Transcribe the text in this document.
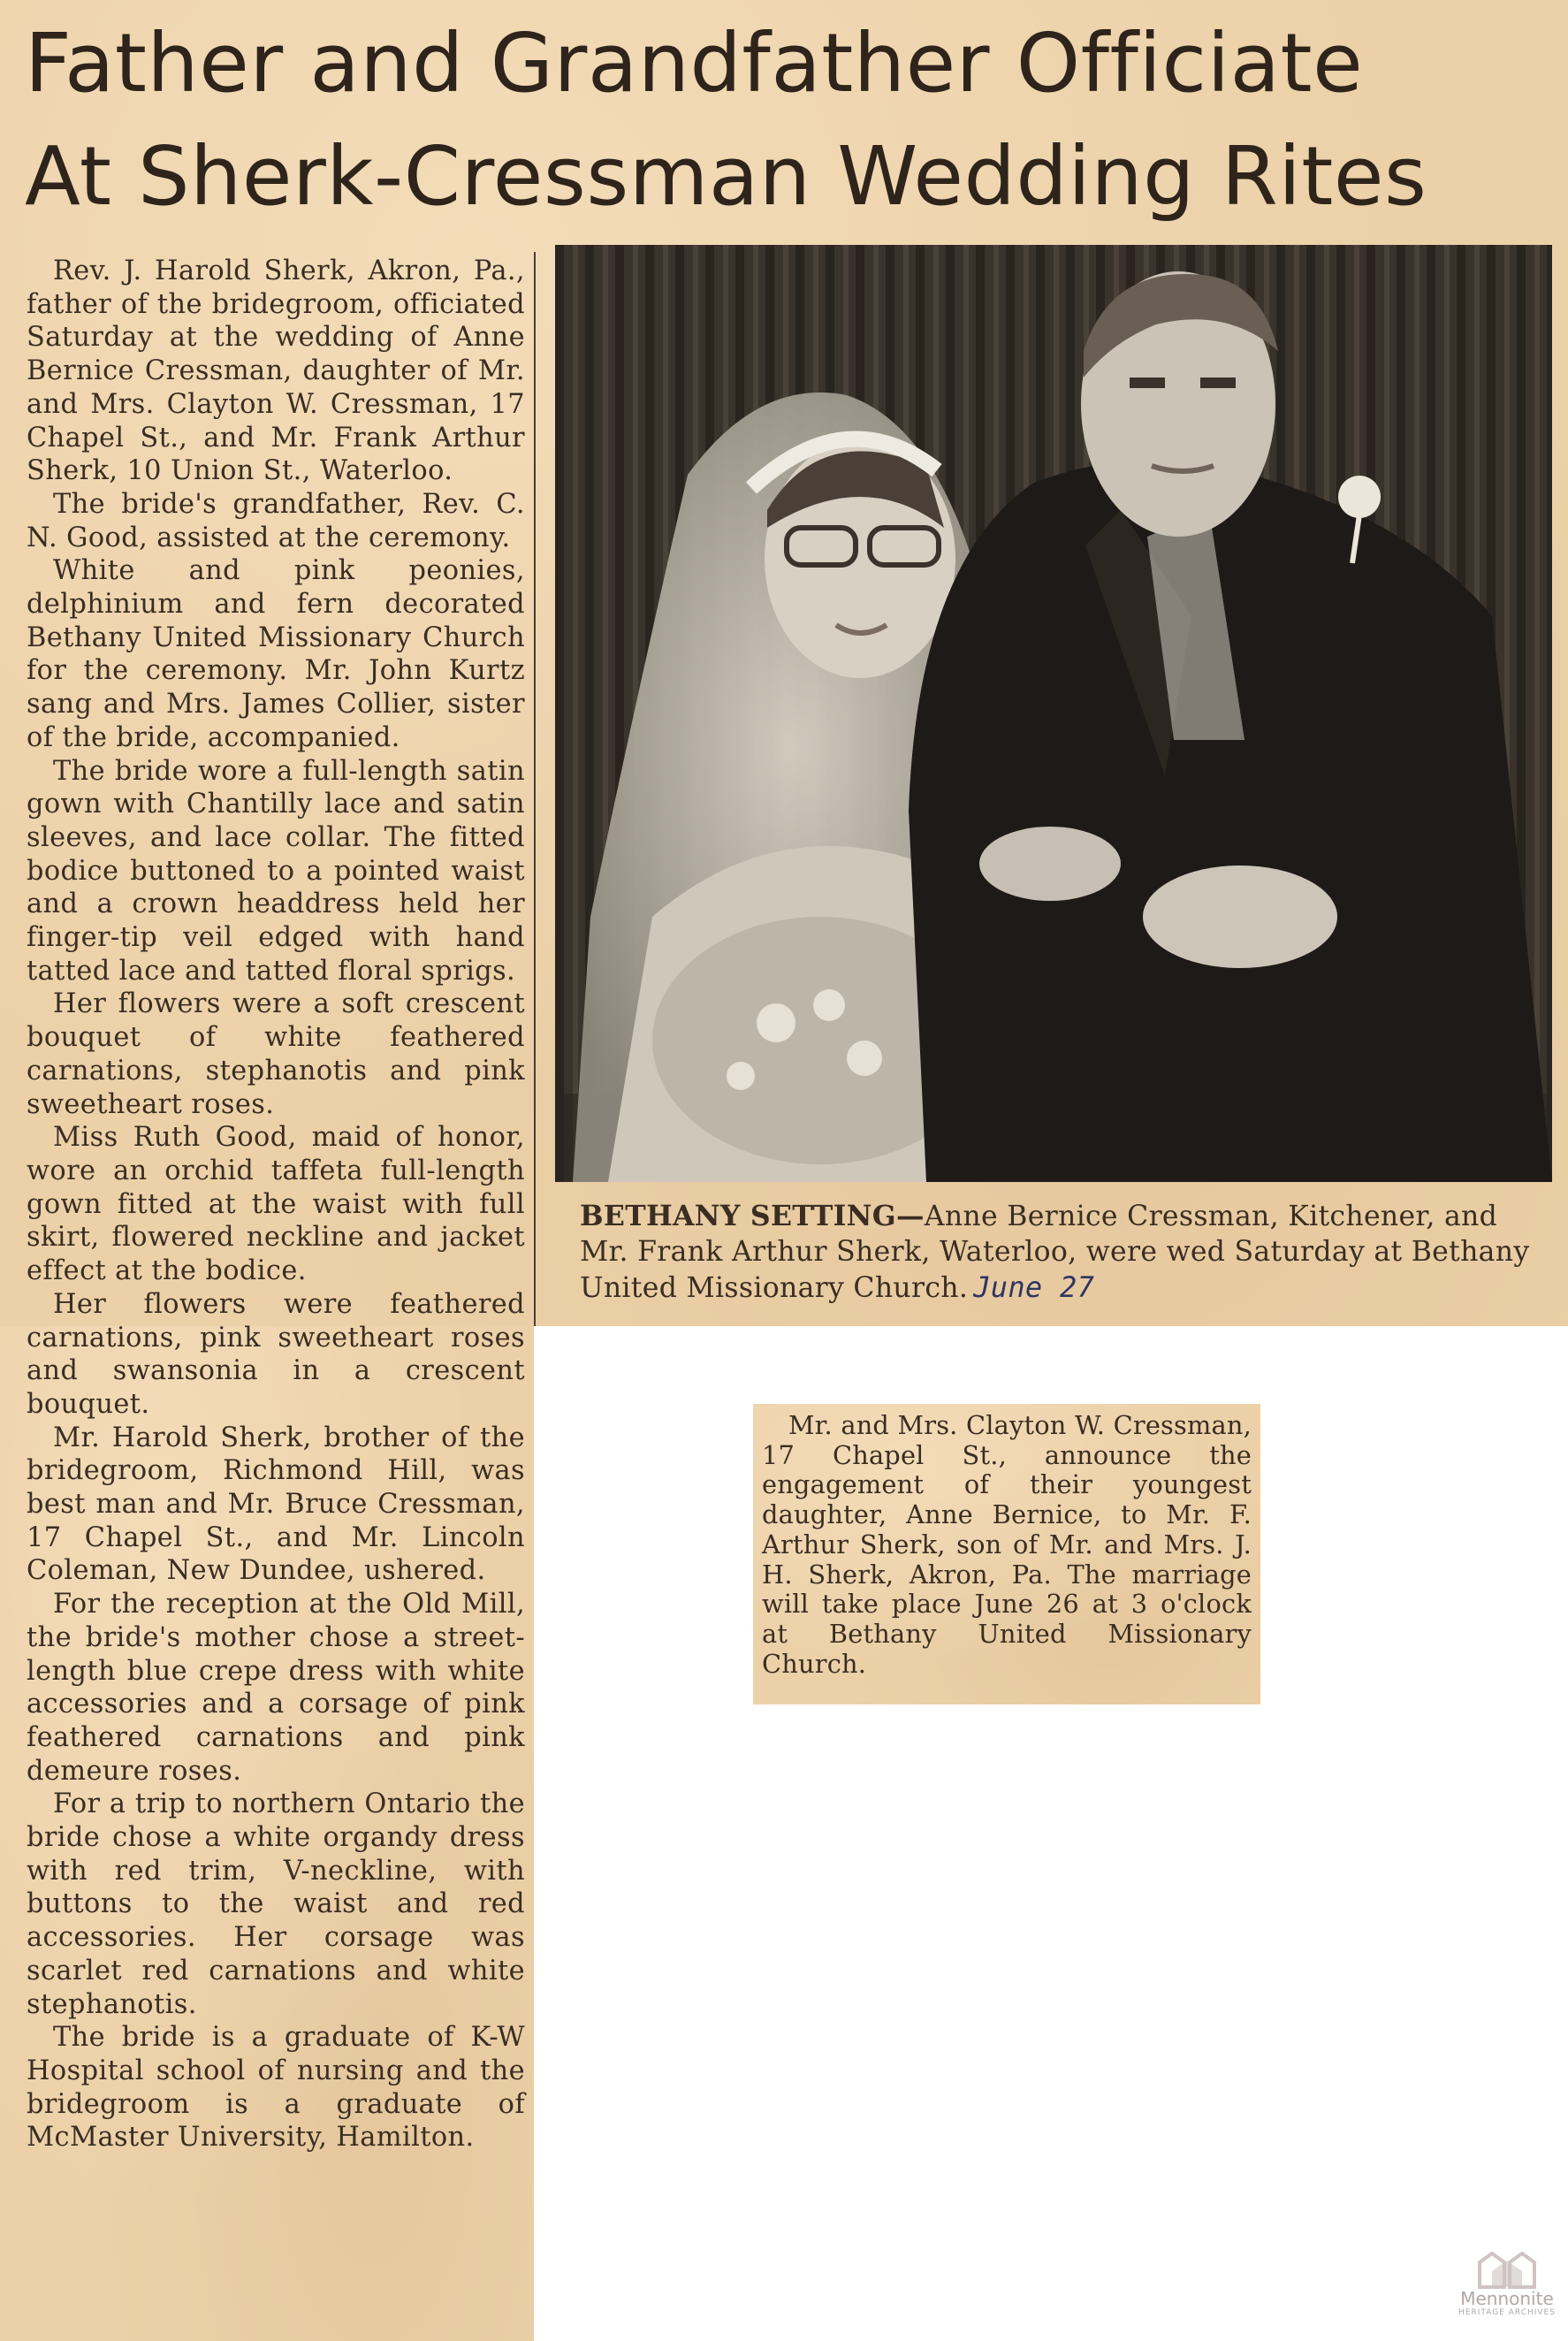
Father and Grandfather Officiate
At Sherk-Cressman Wedding Rites

Rev. J. Harold Sherk, Akron, Pa., father of the bridegroom, officiated Saturday at the wedding of Anne Bernice Cressman, daughter of Mr. and Mrs. Clayton W. Cressman, 17 Chapel St., and Mr. Frank Arthur Sherk, 10 Union St., Waterloo.

The bride's grandfather, Rev. C. N. Good, assisted at the ceremony.

White and pink peonies, delphinium and fern decorated Bethany United Missionary Church for the ceremony. Mr. John Kurtz sang and Mrs. James Collier, sister of the bride, accompanied.

The bride wore a full-length satin gown with Chantilly lace and satin sleeves, and lace collar. The fitted bodice buttoned to a pointed waist and a crown headdress held her finger-tip veil edged with hand tatted lace and tatted floral sprigs.

Her flowers were a soft crescent bouquet of white feathered carnations, stephanotis and pink sweetheart roses.

Miss Ruth Good, maid of honor, wore an orchid taffeta full-length gown fitted at the waist with full skirt, flowered neckline and jacket effect at the bodice.

Her flowers were feathered carnations, pink sweetheart roses and swansonia in a crescent bouquet.

Mr. Harold Sherk, brother of the bridegroom, Richmond Hill, was best man and Mr. Bruce Cressman, 17 Chapel St., and Mr. Lincoln Coleman, New Dundee, ushered.

For the reception at the Old Mill, the bride's mother chose a street-length blue crepe dress with white accessories and a corsage of pink feathered carnations and pink demeure roses.

For a trip to northern Ontario the bride chose a white organdy dress with red trim, V-neckline, with buttons to the waist and red accessories. Her corsage was scarlet red carnations and white stephanotis.

The bride is a graduate of K-W Hospital school of nursing and the bridegroom is a graduate of McMaster University, Hamilton.

BETHANY SETTING—Anne Bernice Cressman, Kitchener, and Mr. Frank Arthur Sherk, Waterloo, were wed Saturday at Bethany United Missionary Church. June 27

Mr. and Mrs. Clayton W. Cressman, 17 Chapel St., announce the engagement of their youngest daughter, Anne Bernice, to Mr. F. Arthur Sherk, son of Mr. and Mrs. J. H. Sherk, Akron, Pa. The marriage will take place June 26 at 3 o'clock at Bethany United Missionary Church.

Mennonite
HERITAGE ARCHIVES
